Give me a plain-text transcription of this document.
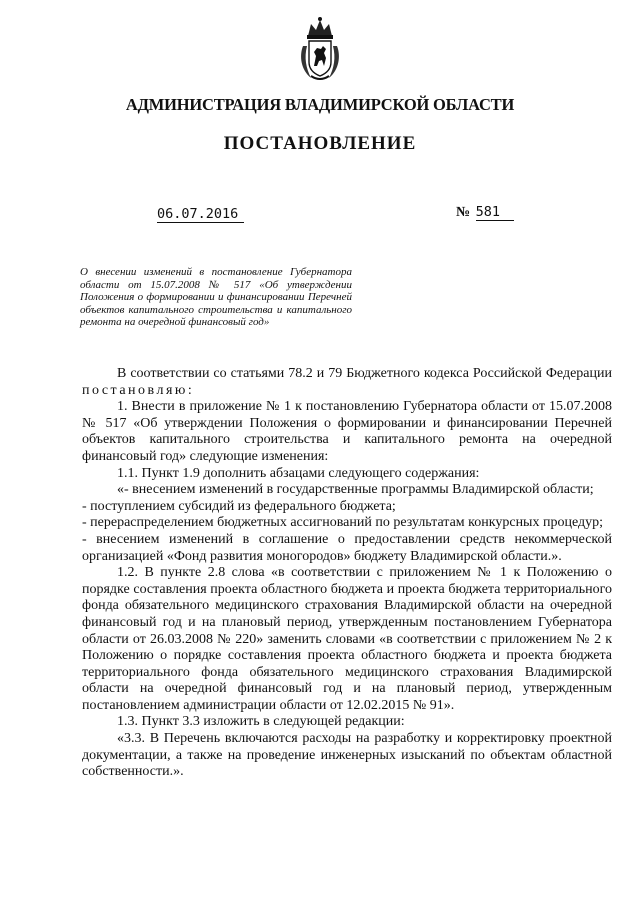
АДМИНИСТРАЦИЯ ВЛАДИМИРСКОЙ ОБЛАСТИ
ПОСТАНОВЛЕНИЕ
06.07.2016	№ 581
О внесении изменений в постановление Губернатора области от 15.07.2008 № 517 «Об утверждении Положения о формировании и финансировании Перечней объектов капитального строительства и капитального ремонта на очередной финансовый год»

В соответствии со статьями 78.2 и 79 Бюджетного кодекса Российской Федерации постановляю:

1. Внести в приложение № 1 к постановлению Губернатора области от 15.07.2008 № 517 «Об утверждении Положения о формировании и финансировании Перечней объектов капитального строительства и капитального ремонта на очередной финансовый год» следующие изменения:

1.1. Пункт 1.9 дополнить абзацами следующего содержания:

«- внесением изменений в государственные программы Владимирской области;

- поступлением субсидий из федерального бюджета;

- перераспределением бюджетных ассигнований по результатам конкурсных процедур;

- внесением изменений в соглашение о предоставлении средств некоммерческой организацией «Фонд развития моногородов» бюджету Владимирской области.».

1.2. В пункте 2.8 слова «в соответствии с приложением № 1 к Положению о порядке составления проекта областного бюджета и проекта бюджета территориального фонда обязательного медицинского страхования Владимирской области на очередной финансовый год и на плановый период, утвержденным постановлением Губернатора области от 26.03.2008 № 220» заменить словами «в соответствии с приложением № 2 к Положению о порядке составления проекта областного бюджета и проекта бюджета территориального фонда обязательного медицинского страхования Владимирской области на очередной финансовый год и на плановый период, утвержденным постановлением администрации области от 12.02.2015 № 91».

1.3. Пункт 3.3 изложить в следующей редакции:

«3.3. В Перечень включаются расходы на разработку и корректировку проектной документации, а также на проведение инженерных изысканий по объектам областной собственности.».
